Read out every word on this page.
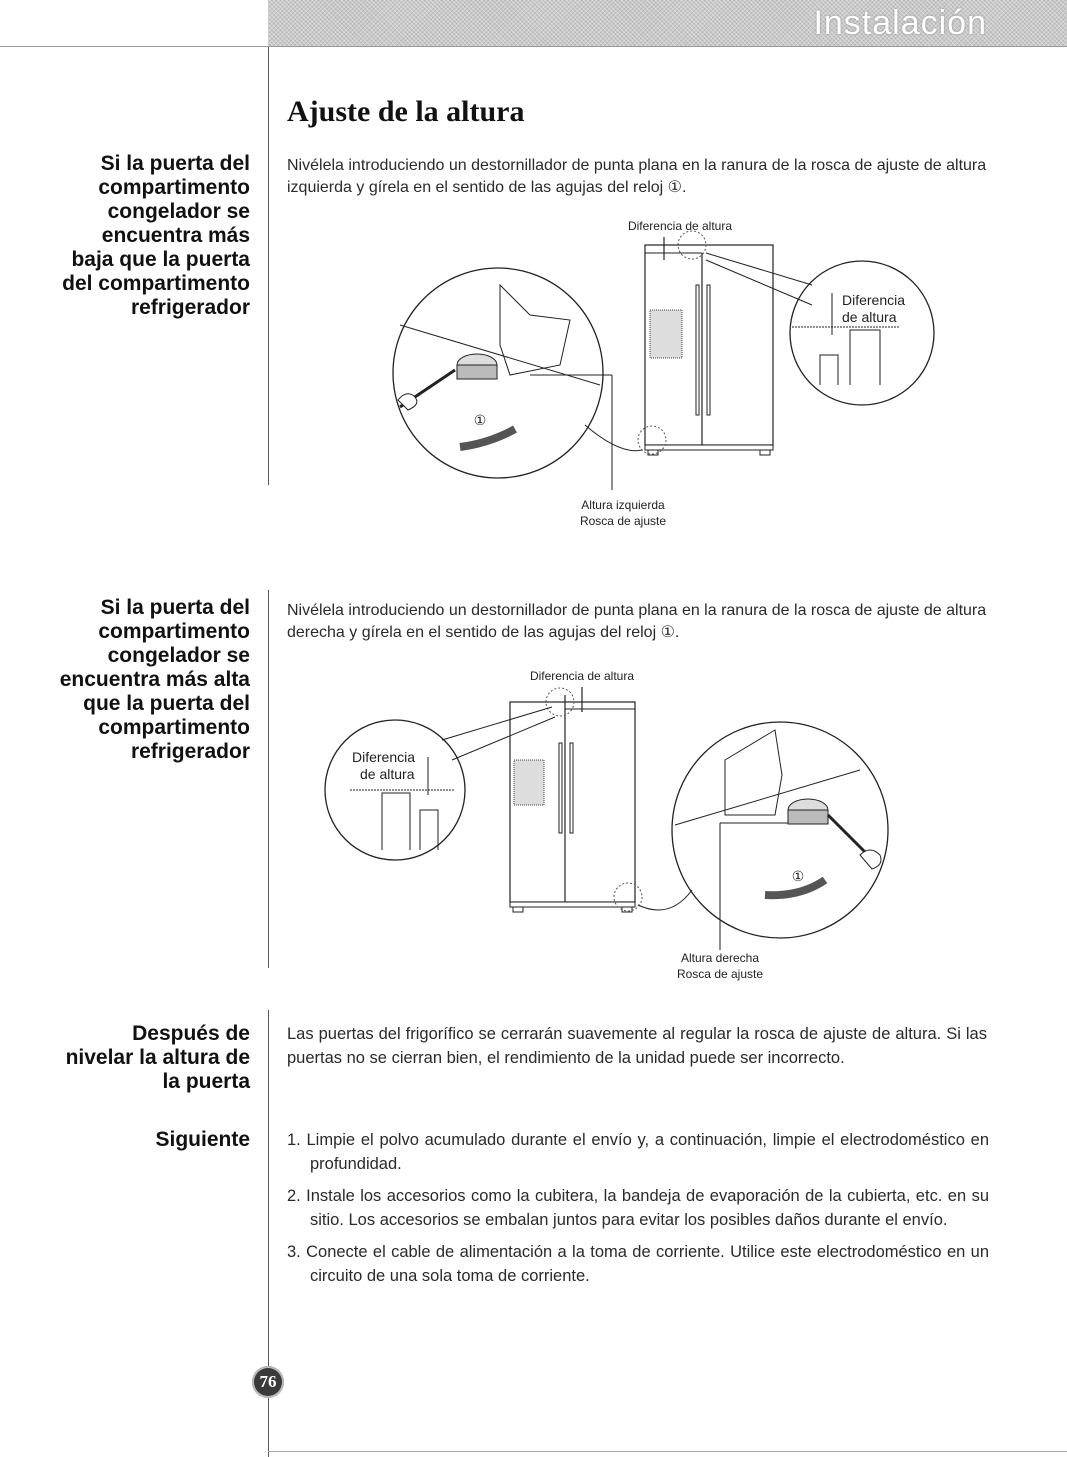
Instalación
Ajuste de la altura
Si la puerta del
compartimento
congelador se
encuentra más
baja que la puerta
del compartimento
refrigerador

Nivélela introduciendo un destornillador de punta plana en la ranura de la rosca de ajuste de altura izquierda y gírela en el sentido de las agujas del reloj ①.

Diferencia de altura
①
Diferencia
de altura
Altura izquierda
Rosca de ajuste
Si la puerta del
compartimento
congelador se
encuentra más alta
que la puerta del
compartimento
refrigerador

Nivélela introduciendo un destornillador de punta plana en la ranura de la rosca de ajuste de altura derecha y gírela en el sentido de las agujas del reloj ①.

Diferencia de altura
Diferencia
de altura
①
Altura derecha
Rosca de ajuste
Después de
nivelar la altura de
la puerta

Las puertas del frigorífico se cerrarán suavemente al regular la rosca de ajuste de altura. Si las puertas no se cierran bien, el rendimiento de la unidad puede ser incorrecto.

Siguiente 1. Limpie el polvo acumulado durante el envío y, a continuación, limpie el electrodoméstico en profundidad.
2. Instale los accesorios como la cubitera, la bandeja de evaporación de la cubierta, etc. en su sitio. Los accesorios se embalan juntos para evitar los posibles daños durante el envío.
3. Conecte el cable de alimentación a la toma de corriente. Utilice este electrodoméstico en un circuito de una sola toma de corriente.
76
